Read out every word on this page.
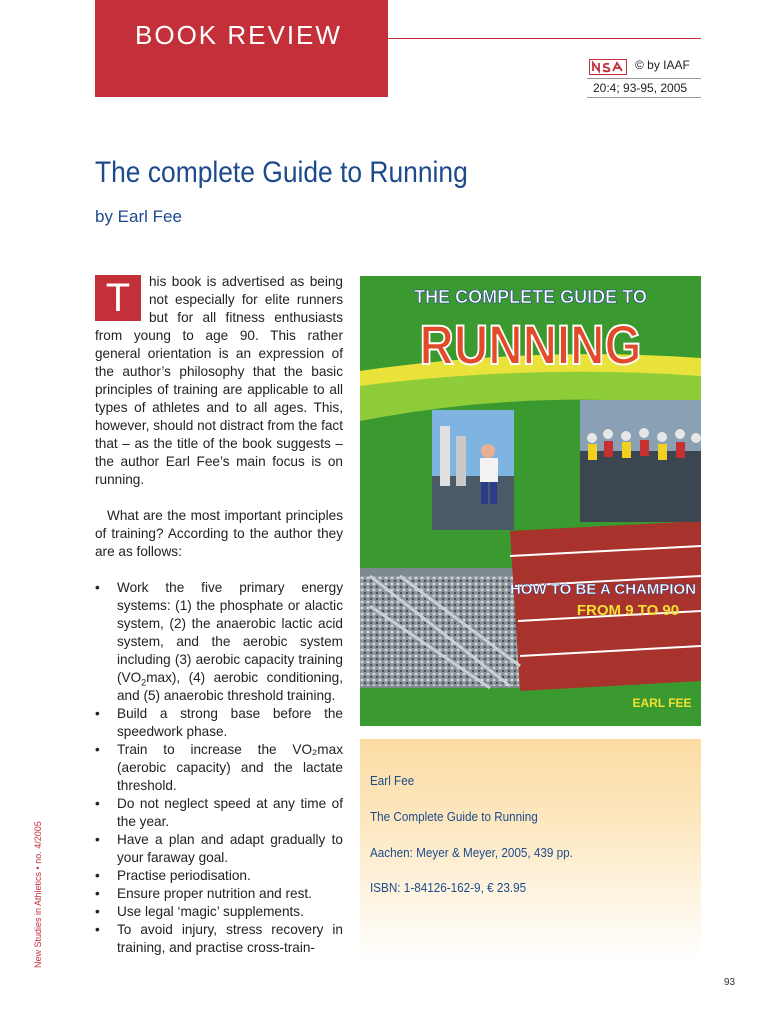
BOOK REVIEW
© by IAAF
20:4; 93-95, 2005
The complete Guide to Running
by Earl Fee

T	his book is advertised as being not especially for elite runners but for all fitness enthusiasts from young to age 90. This rather general orientation is an expression of the author’s philosophy that the basic principles of training are applicable to all types of athletes and to all ages. This, however, should not distract from the fact that – as the title of the book suggests – the author Earl Fee’s main focus is on running.

What are the most important principles of training? According to the author they are as follows:

• Work the five primary energy systems: (1) the phosphate or alactic system, (2) the anaerobic lactic acid system, and the aerobic system including (3) aerobic capacity training $(VO_2\max)$, (4) aerobic conditioning, and (5) anaerobic threshold training.
• Build a strong base before the speedwork phase.
• Train to increase the VO₂max (aerobic capacity) and the lactate threshold.
• Do not neglect speed at any time of the year.
• Have a plan and adapt gradually to your faraway goal.
• Practise periodisation.
• Ensure proper nutrition and rest.
• Use legal ‘magic’ supplements.
• To avoid injury, stress recovery in training, and practise cross-train-
THE COMPLETE GUIDE TO
RUNNING
HOW TO BE A CHAMPION
FROM 9 TO 90
EARL FEE
Earl Fee
The Complete Guide to Running
Aachen: Meyer & Meyer, 2005, 439 pp.
ISBN: 1-84126-162-9, € 23.95
New Studies in Athletics • no. 4/2005
93
